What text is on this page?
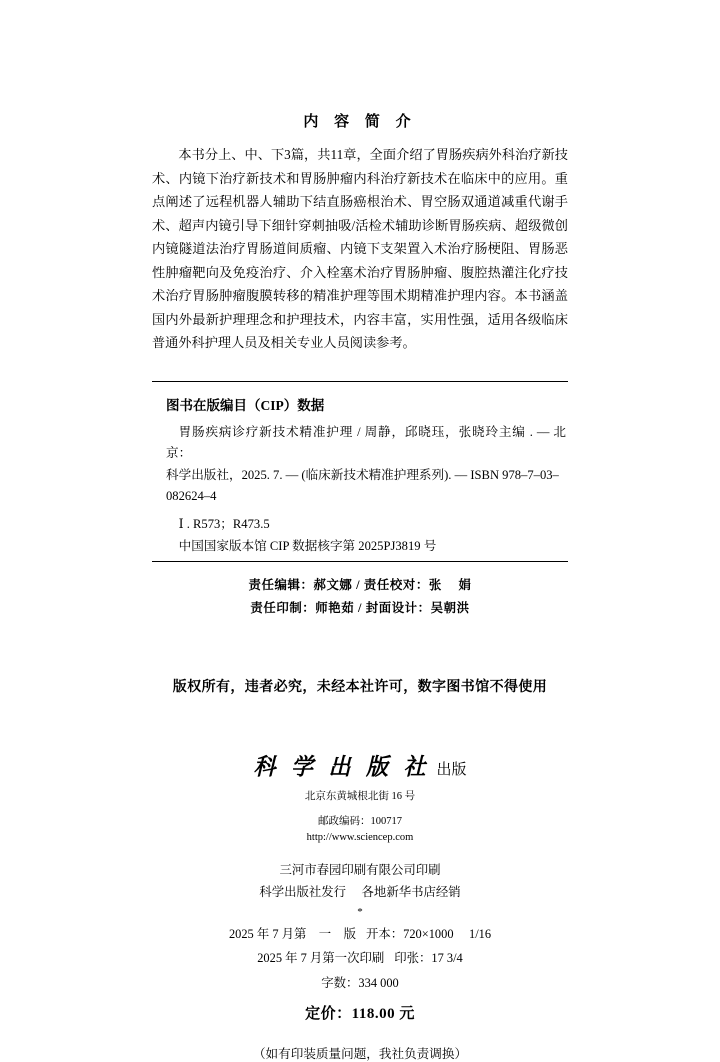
内 容 简 介
本书分上、中、下3篇，共11章，全面介绍了胃肠疾病外科治疗新技术、内镜下治疗新技术和胃肠肿瘤内科治疗新技术在临床中的应用。重点阐述了远程机器人辅助下结直肠癌根治术、胃空肠双通道减重代谢手术、超声内镜引导下细针穿刺抽吸/活检术辅助诊断胃肠疾病、超级微创内镜隧道法治疗胃肠道间质瘤、内镜下支架置入术治疗肠梗阻、胃肠恶性肿瘤靶向及免疫治疗、介入栓塞术治疗胃肠肿瘤、腹腔热灌注化疗技术治疗胃肠肿瘤腹膜转移的精准护理等围术期精准护理内容。本书涵盖国内外最新护理理念和护理技术，内容丰富，实用性强，适用各级临床普通外科护理人员及相关专业人员阅读参考。
图书在版编目（CIP）数据
胃肠疾病诊疗新技术精准护理 / 周静，邱晓珏，张晓玲主编 . –– 北京：
科学出版社，2025. 7. –– (临床新技术精准护理系列). –– ISBN 978–7–03–
082624–4
Ⅰ . R573；R473.5
中国国家版本馆 CIP 数据核字第 2025PJ3819 号
责任编辑：郝文娜 / 责任校对：张　 娟
责任印制：师艳茹 / 封面设计：吴朝洪
版权所有，违者必究，未经本社许可，数字图书馆不得使用
科 学 出 版 社 出版
北京东黄城根北街 16 号
邮政编码：100717
http://www.sciencep.com
三河市春园印刷有限公司印刷
科学出版社发行　 各地新华书店经销
*
2025 年 7 月第　一　版 开本：720×1000　 1/16
2025 年 7 月第一次印刷 印张：17 3/4
字数：334 000
定价：118.00 元
（如有印装质量问题，我社负责调换）
